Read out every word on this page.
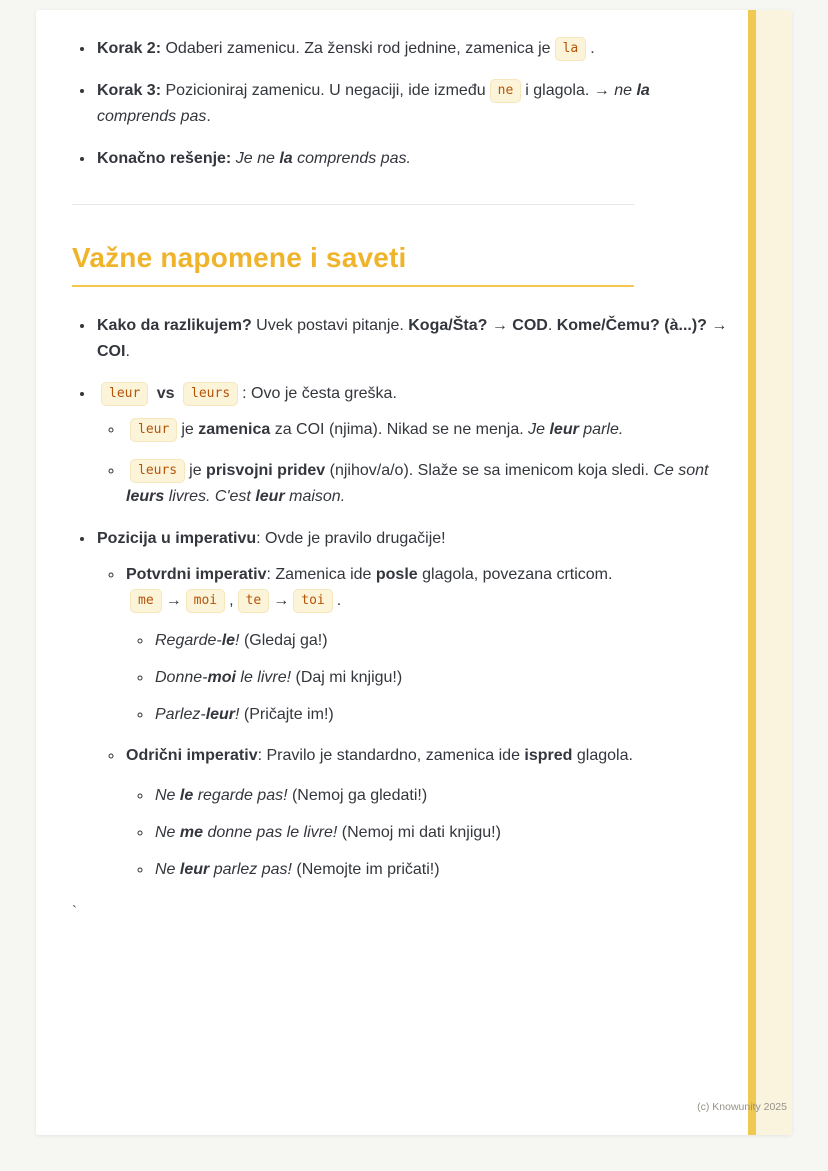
• Korak 2: Odaberi zamenicu. Za ženski rod jednine, zamenica je la .
• Korak 3: Pozicioniraj zamenicu. U negaciji, ide između ne i glagola. → ne la comprends pas.
• Konačno rešenje: Je ne la comprends pas.
Važne napomene i saveti
• Kako da razlikujem? Uvek postavi pitanje. Koga/Šta? → COD. Kome/Čemu? (à...)? → COI.
• leur vs leurs : Ovo je česta greška.
◦ leur je zamenica za COI (njima). Nikad se ne menja. Je leur parle.
◦ leurs je prisvojni pridev (njihov/a/o). Slaže se sa imenicom koja sledi. Ce sont leurs livres. C'est leur maison.
• Pozicija u imperativu: Ovde je pravilo drugačije!
◦ Potvrdni imperativ: Zamenica ide posle glagola, povezana crticom.
me → moi , te → toi .
◦ Regarde-le! (Gledaj ga!)
◦ Donne-moi le livre! (Daj mi knjigu!)
◦ Parlez-leur! (Pričajte im!)
◦ Odrični imperativ: Pravilo je standardno, zamenica ide ispred glagola.
◦ Ne le regarde pas! (Nemoj ga gledati!)
◦ Ne me donne pas le livre! (Nemoj mi dati knjigu!)
◦ Ne leur parlez pas! (Nemojte im pričati!)
`
(c) Knowunity 2025
